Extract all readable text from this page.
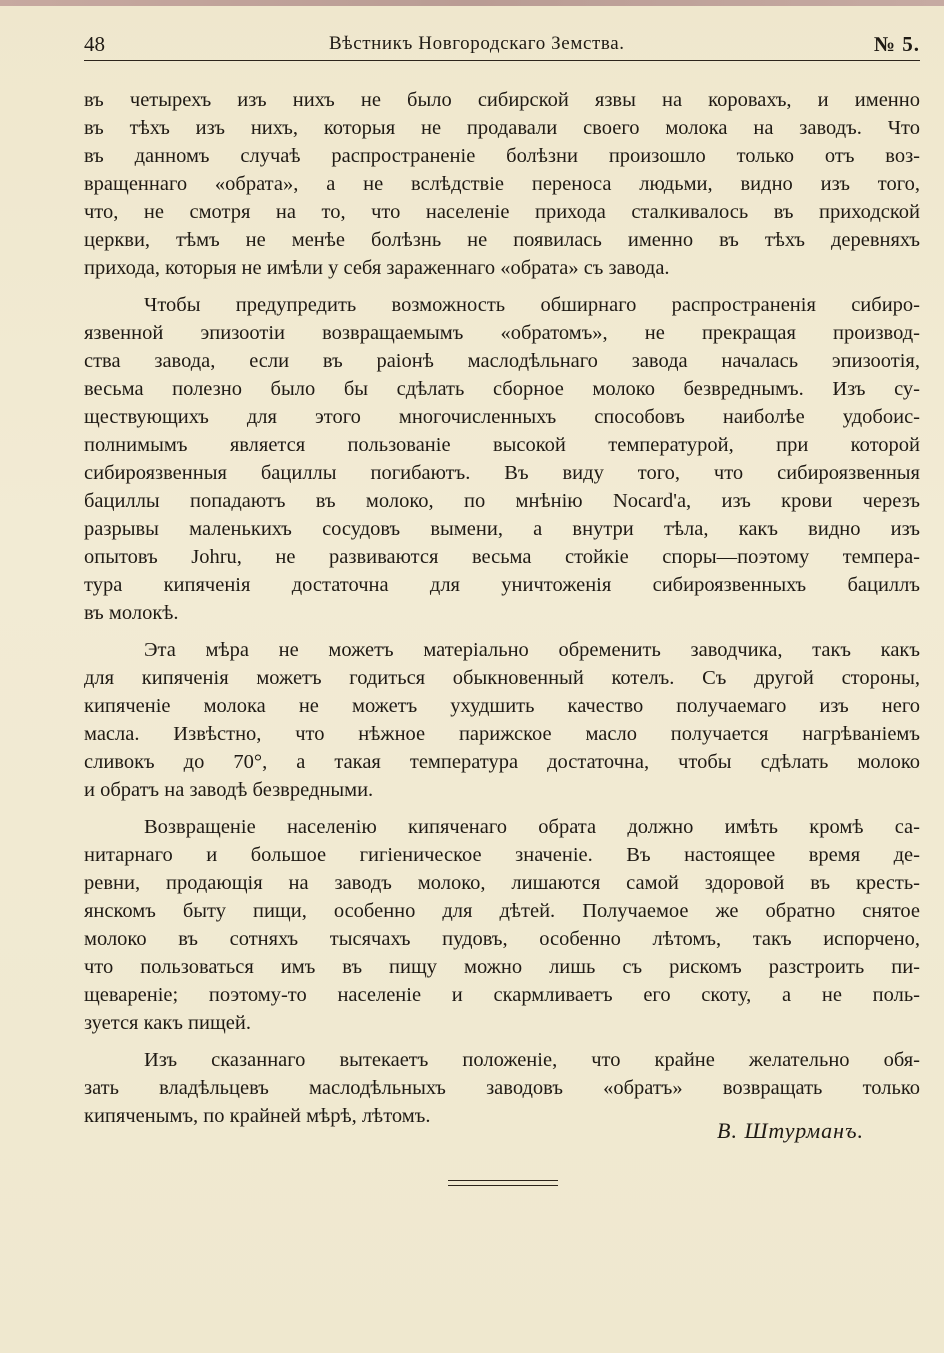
48	Вѣстникъ Новгородскаго Земства.	№ 5.
въ четырехъ изъ нихъ не было сибирской язвы на коровахъ, и именно
въ тѣхъ изъ нихъ, которыя не продавали своего молока на заводъ. Что
въ данномъ случаѣ распространеніе болѣзни произошло только отъ воз-
вращеннаго «обрата», а не вслѣдствіе переноса людьми, видно изъ того,
что, не смотря на то, что населеніе прихода сталкивалось въ приходской
церкви, тѣмъ не менѣе болѣзнь не появилась именно въ тѣхъ деревняхъ
прихода, которыя не имѣли у себя зараженнаго «обрата» съ завода.
Чтобы предупредить возможность обширнаго распространенія сибиро-
язвенной эпизоотіи возвращаемымъ «обратомъ», не прекращая производ-
ства завода, если въ раіонѣ маслодѣльнаго завода началась эпизоотія,
весьма полезно было бы сдѣлать сборное молоко безвреднымъ. Изъ су-
ществующихъ для этого многочисленныхъ способовъ наиболѣе удобоис-
полнимымъ является пользованіе высокой температурой, при которой
сибироязвенныя бациллы погибаютъ. Въ виду того, что сибироязвенныя
бациллы попадаютъ въ молоко, по мнѣнію Nocard'a, изъ крови черезъ
разрывы маленькихъ сосудовъ вымени, а внутри тѣла, какъ видно изъ
опытовъ Johru, не развиваются весьма стойкіе споры—поэтому темпера-
тура кипяченія достаточна для уничтоженія сибироязвенныхъ бациллъ
въ молокѣ.
Эта мѣра не можетъ матеріально обременить заводчика, такъ какъ
для кипяченія можетъ годиться обыкновенный котелъ. Съ другой стороны,
кипяченіе молока не можетъ ухудшить качество получаемаго изъ него
масла. Извѣстно, что нѣжное парижское масло получается нагрѣваніемъ
сливокъ до 70°, а такая температура достаточна, чтобы сдѣлать молоко
и обратъ на заводѣ безвредными.
Возвращеніе населенію кипяченаго обрата должно имѣть кромѣ са-
нитарнаго и большое гигіеническое значеніе. Въ настоящее время де-
ревни, продающія на заводъ молоко, лишаются самой здоровой въ кресть-
янскомъ быту пищи, особенно для дѣтей. Получаемое же обратно снятое
молоко въ сотняхъ тысячахъ пудовъ, особенно лѣтомъ, такъ испорчено,
что пользоваться имъ въ пищу можно лишь съ рискомъ разстроить пи-
щевареніе; поэтому-то населеніе и скармливаетъ его скоту, а не поль-
зуется какъ пищей.
Изъ сказаннаго вытекаетъ положеніе, что крайне желательно обя-
зать владѣльцевъ маслодѣльныхъ заводовъ «обратъ» возвращать только
кипяченымъ, по крайней мѣрѣ, лѣтомъ.
В. Штурманъ.
